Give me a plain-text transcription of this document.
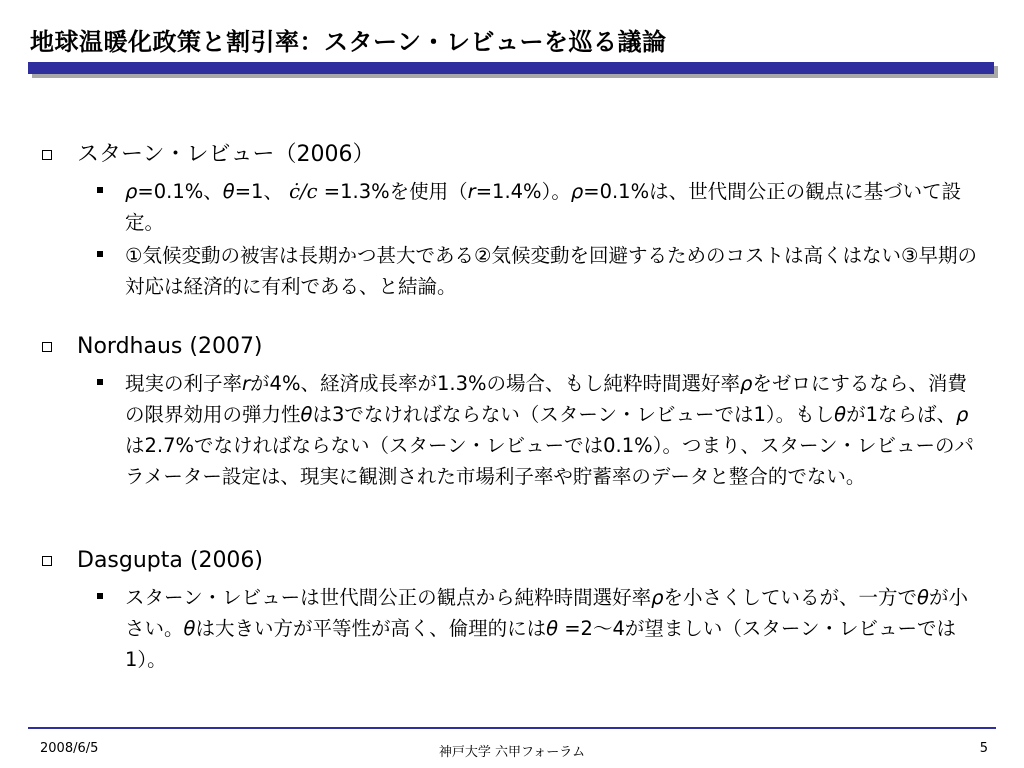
地球温暖化政策と割引率：スターン・レビューを巡る議論
スターン・レビュー（2006）
ρ=0.1%、θ=1、 ċ/c =1.3%を使用（r=1.4%）。ρ=0.1%は、世代間公正の観点に基づいて設定。
①気候変動の被害は長期かつ甚大である②気候変動を回避するためのコストは高くはない③早期の対応は経済的に有利である、と結論。
Nordhaus (2007)
現実の利子率rが4%、経済成長率が1.3%の場合、もし純粋時間選好率ρをゼロにするなら、消費の限界効用の弾力性θは3でなければならない（スターン・レビューでは1）。もしθが1ならば、ρは2.7%でなければならない（スターン・レビューでは0.1%）。つまり、スターン・レビューのパラメーター設定は、現実に観測された市場利子率や貯蓄率のデータと整合的でない。
Dasgupta (2006)
スターン・レビューは世代間公正の観点から純粋時間選好率ρを小さくしているが、一方でθが小さい。θは大きい方が平等性が高く、倫理的にはθ =2〜4が望ましい（スターン・レビューでは1）。
2008/6/5	神戸大学 六甲フォーラム	5
